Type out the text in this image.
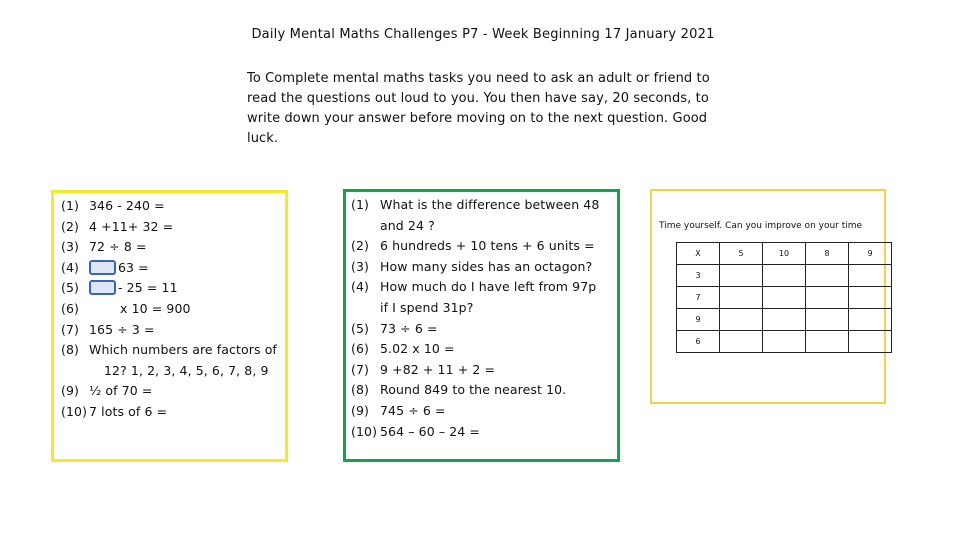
Daily Mental Maths Challenges P7 - Week Beginning 17 January 2021
To Complete mental maths tasks you need to ask an adult or friend to read the questions out loud to you. You then have say, 20 seconds, to write down your answer before moving on to the next question. Good luck.
(1) 346 - 240 =
(2) 4 +11+ 32 =
(3) 72 ÷ 8 =
(4)	63 =
(5)	- 25 = 11
(6)	x 10 = 900
(7) 165 ÷ 3 =
(8) Which numbers are factors of
12? 1, 2, 3, 4, 5, 6, 7, 8, 9
(9) ⅟₂ of 70 =
(10) 7 lots of 6 =
(1) What is the difference between 48
and 24 ?
(2) 6 hundreds + 10 tens + 6 units =
(3) How many sides has an octagon?
(4) How much do I have left from 97p
if I spend 31p?
(5) 73 ÷ 6 =
(6) 5.02 x 10 =
(7) 9 +82 + 11 + 2 =
(8) Round 849 to the nearest 10.
(9) 745 ÷ 6 =
(10) 564 – 60 – 24 =
Time yourself. Can you improve on your time
X	5	10	8	9
3				
7				
9				
6				
